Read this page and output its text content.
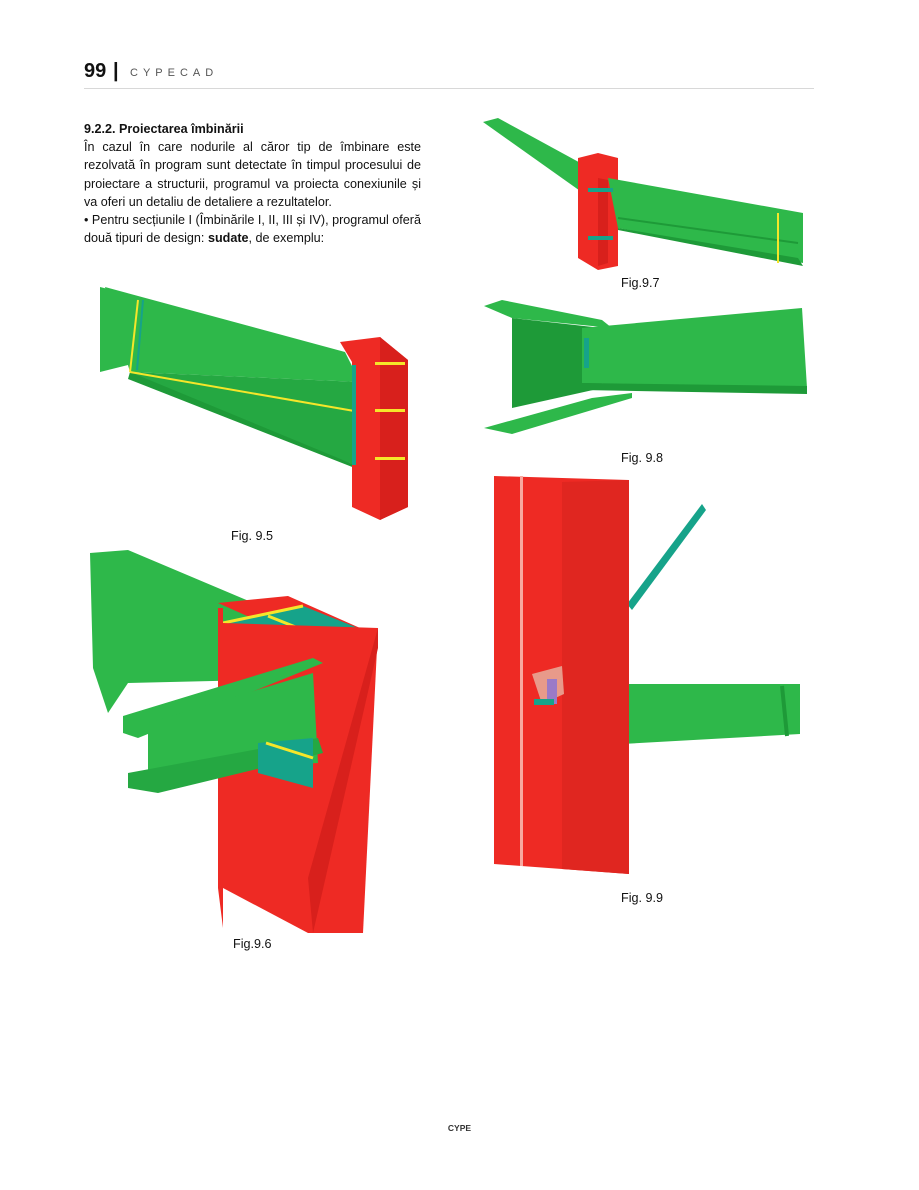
99 | CYPECAD
9.2.2. Proiectarea îmbinării

În cazul în care nodurile al căror tip de îmbinare este rezolvată în program sunt detectate în timpul procesului de proiectare a structurii, programul va proiecta conexiunile și va oferi un detaliu de detaliere a rezultatelor.

• Pentru secțiunile I (Îmbinările I, II, III și IV), programul oferă două tipuri de design: sudate, de exemplu:

Fig. 9.5
Fig.9.6
Fig.9.7
Fig. 9.8
Fig. 9.9
CYPE
